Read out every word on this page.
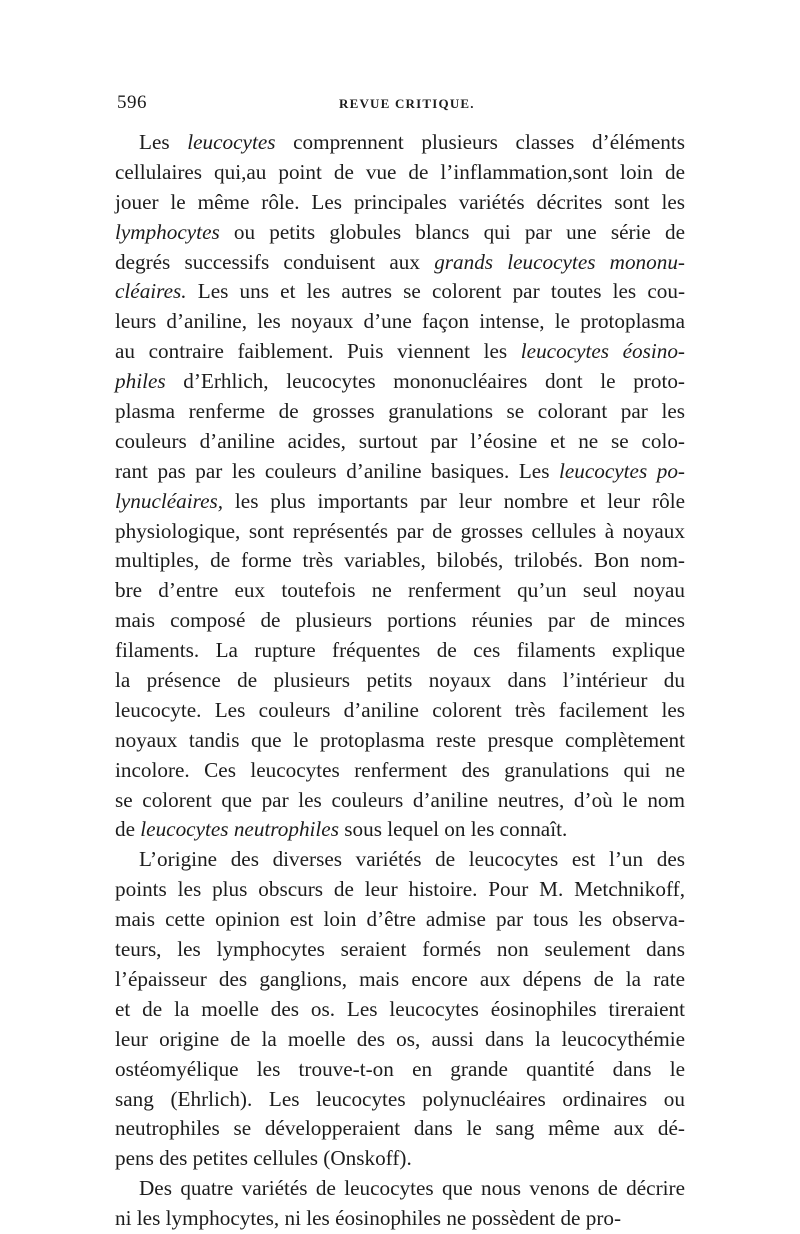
596	REVUE CRITIQUE.
Les leucocytes comprennent plusieurs classes d’éléments
cellulaires qui,au point de vue de l’inflammation,sont loin de
jouer le même rôle. Les principales variétés décrites sont les
lymphocytes ou petits globules blancs qui par une série de
degrés successifs conduisent aux grands leucocytes mononu-
cléaires. Les uns et les autres se colorent par toutes les cou-
leurs d’aniline, les noyaux d’une façon intense, le protoplasma
au contraire faiblement. Puis viennent les leucocytes éosino-
philes d’Erhlich, leucocytes mononucléaires dont le proto-
plasma renferme de grosses granulations se colorant par les
couleurs d’aniline acides, surtout par l’éosine et ne se colo-
rant pas par les couleurs d’aniline basiques. Les leucocytes po-
lynucléaires, les plus importants par leur nombre et leur rôle
physiologique, sont représentés par de grosses cellules à noyaux
multiples, de forme très variables, bilobés, trilobés. Bon nom-
bre d’entre eux toutefois ne renferment qu’un seul noyau
mais composé de plusieurs portions réunies par de minces
filaments. La rupture fréquentes de ces filaments explique
la présence de plusieurs petits noyaux dans l’intérieur du
leucocyte. Les couleurs d’aniline colorent très facilement les
noyaux tandis que le protoplasma reste presque complètement
incolore. Ces leucocytes renferment des granulations qui ne
se colorent que par les couleurs d’aniline neutres, d’où le nom
de leucocytes neutrophiles sous lequel on les connaît.
L’origine des diverses variétés de leucocytes est l’un des
points les plus obscurs de leur histoire. Pour M. Metchnikoff,
mais cette opinion est loin d’être admise par tous les observa-
teurs, les lymphocytes seraient formés non seulement dans
l’épaisseur des ganglions, mais encore aux dépens de la rate
et de la moelle des os. Les leucocytes éosinophiles tireraient
leur origine de la moelle des os, aussi dans la leucocythémie
ostéomyélique les trouve-t-on en grande quantité dans le
sang (Ehrlich). Les leucocytes polynucléaires ordinaires ou
neutrophiles se développeraient dans le sang même aux dé-
pens des petites cellules (Onskoff).
Des quatre variétés de leucocytes que nous venons de décrire
ni les lymphocytes, ni les éosinophiles ne possèdent de pro-
